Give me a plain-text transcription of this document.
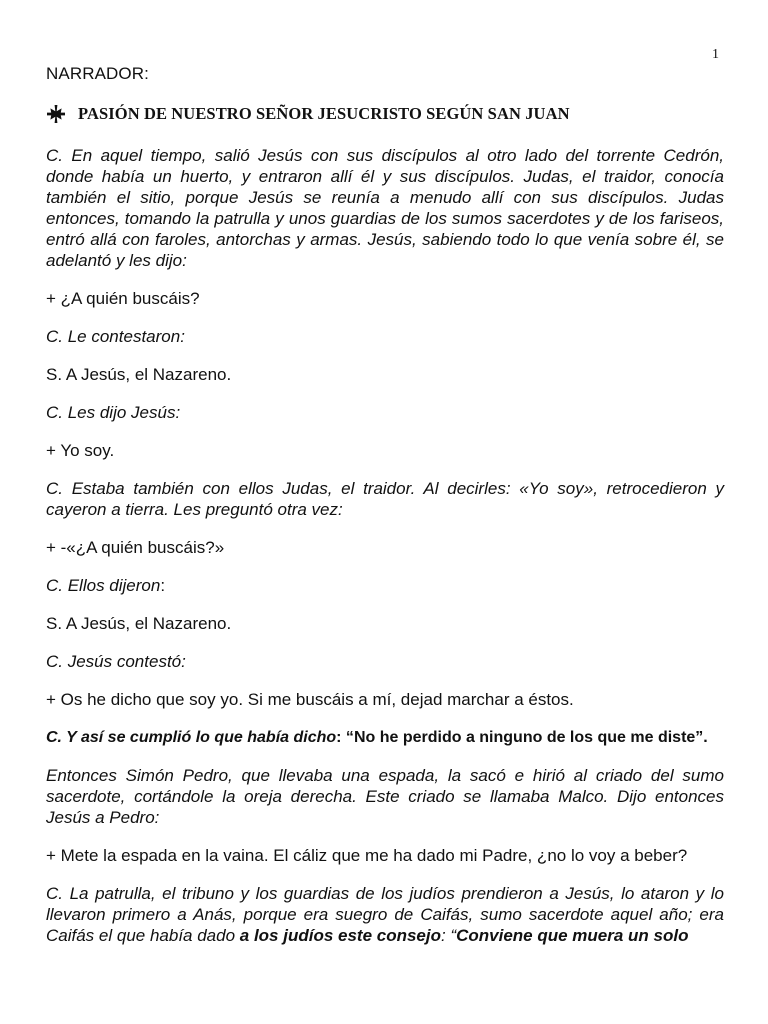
1
NARRADOR:
PASIÓN DE NUESTRO SEÑOR JESUCRISTO SEGÚN SAN JUAN

C. En aquel tiempo, salió Jesús con sus discípulos al otro lado del torrente Cedrón, donde había un huerto, y entraron allí él y sus discípulos. Judas, el traidor, conocía también el sitio, porque Jesús se reunía a menudo allí con sus discípulos. Judas entonces, tomando la patrulla y unos guardias de los sumos sacerdotes y de los fariseos, entró allá con faroles, antorchas y armas. Jesús, sabiendo todo lo que venía sobre él, se adelantó y les dijo:

+ ¿A quién buscáis?

C. Le contestaron:

S. A Jesús, el Nazareno.

C. Les dijo Jesús:

+ Yo soy.

C. Estaba también con ellos Judas, el traidor. Al decirles: «Yo soy», retrocedieron y cayeron a tierra. Les preguntó otra vez:

+ -«¿A quién buscáis?»

C. Ellos dijeron:

S. A Jesús, el Nazareno.

C. Jesús contestó:

+ Os he dicho que soy yo. Si me buscáis a mí, dejad marchar a éstos.

C. Y así se cumplió lo que había dicho: “No he perdido a ninguno de los que me diste”.

Entonces Simón Pedro, que llevaba una espada, la sacó e hirió al criado del sumo sacerdote, cortándole la oreja derecha. Este criado se llamaba Malco. Dijo entonces Jesús a Pedro:

+ Mete la espada en la vaina. El cáliz que me ha dado mi Padre, ¿no lo voy a beber?

C. La patrulla, el tribuno y los guardias de los judíos prendieron a Jesús, lo ataron y lo llevaron primero a Anás, porque era suegro de Caifás, sumo sacerdote aquel año; era Caifás el que había dado a los judíos este consejo: “Conviene que muera un solo
